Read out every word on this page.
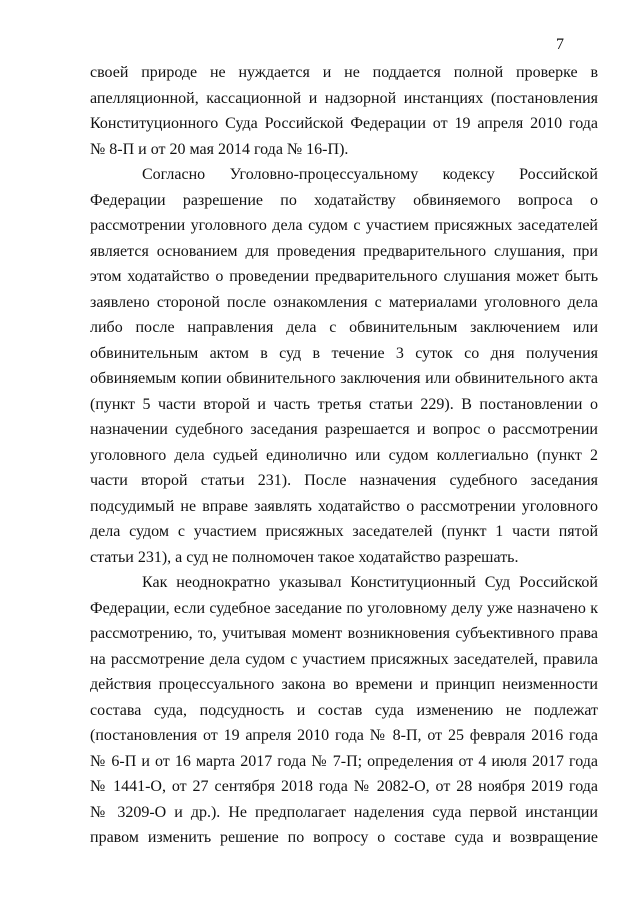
7
своей природе не нуждается и не поддается полной проверке в
апелляционной, кассационной и надзорной инстанциях (постановления
Конституционного Суда Российской Федерации от 19 апреля 2010 года
№ 8-П и от 20 мая 2014 года № 16-П).
Согласно Уголовно-процессуальному кодексу Российской
Федерации разрешение по ходатайству обвиняемого вопроса о
рассмотрении уголовного дела судом с участием присяжных заседателей
является основанием для проведения предварительного слушания, при
этом ходатайство о проведении предварительного слушания может быть
заявлено стороной после ознакомления с материалами уголовного дела
либо после направления дела с обвинительным заключением или
обвинительным актом в суд в течение 3 суток со дня получения
обвиняемым копии обвинительного заключения или обвинительного акта
(пункт 5 части второй и часть третья статьи 229). В постановлении о
назначении судебного заседания разрешается и вопрос о рассмотрении
уголовного дела судьей единолично или судом коллегиально (пункт 2
части второй статьи 231). После назначения судебного заседания
подсудимый не вправе заявлять ходатайство о рассмотрении уголовного
дела судом с участием присяжных заседателей (пункт 1 части пятой
статьи 231), а суд не полномочен такое ходатайство разрешать.
Как неоднократно указывал Конституционный Суд Российской
Федерации, если судебное заседание по уголовному делу уже назначено к
рассмотрению, то, учитывая момент возникновения субъективного права
на рассмотрение дела судом с участием присяжных заседателей, правила
действия процессуального закона во времени и принцип неизменности
состава суда, подсудность и состав суда изменению не подлежат
(постановления от 19 апреля 2010 года № 8-П, от 25 февраля 2016 года
№ 6-П и от 16 марта 2017 года № 7-П; определения от 4 июля 2017 года
№ 1441-О, от 27 сентября 2018 года № 2082-О, от 28 ноября 2019 года
№ 3209-О и др.). Не предполагает наделения суда первой инстанции
правом изменить решение по вопросу о составе суда и возвращение
